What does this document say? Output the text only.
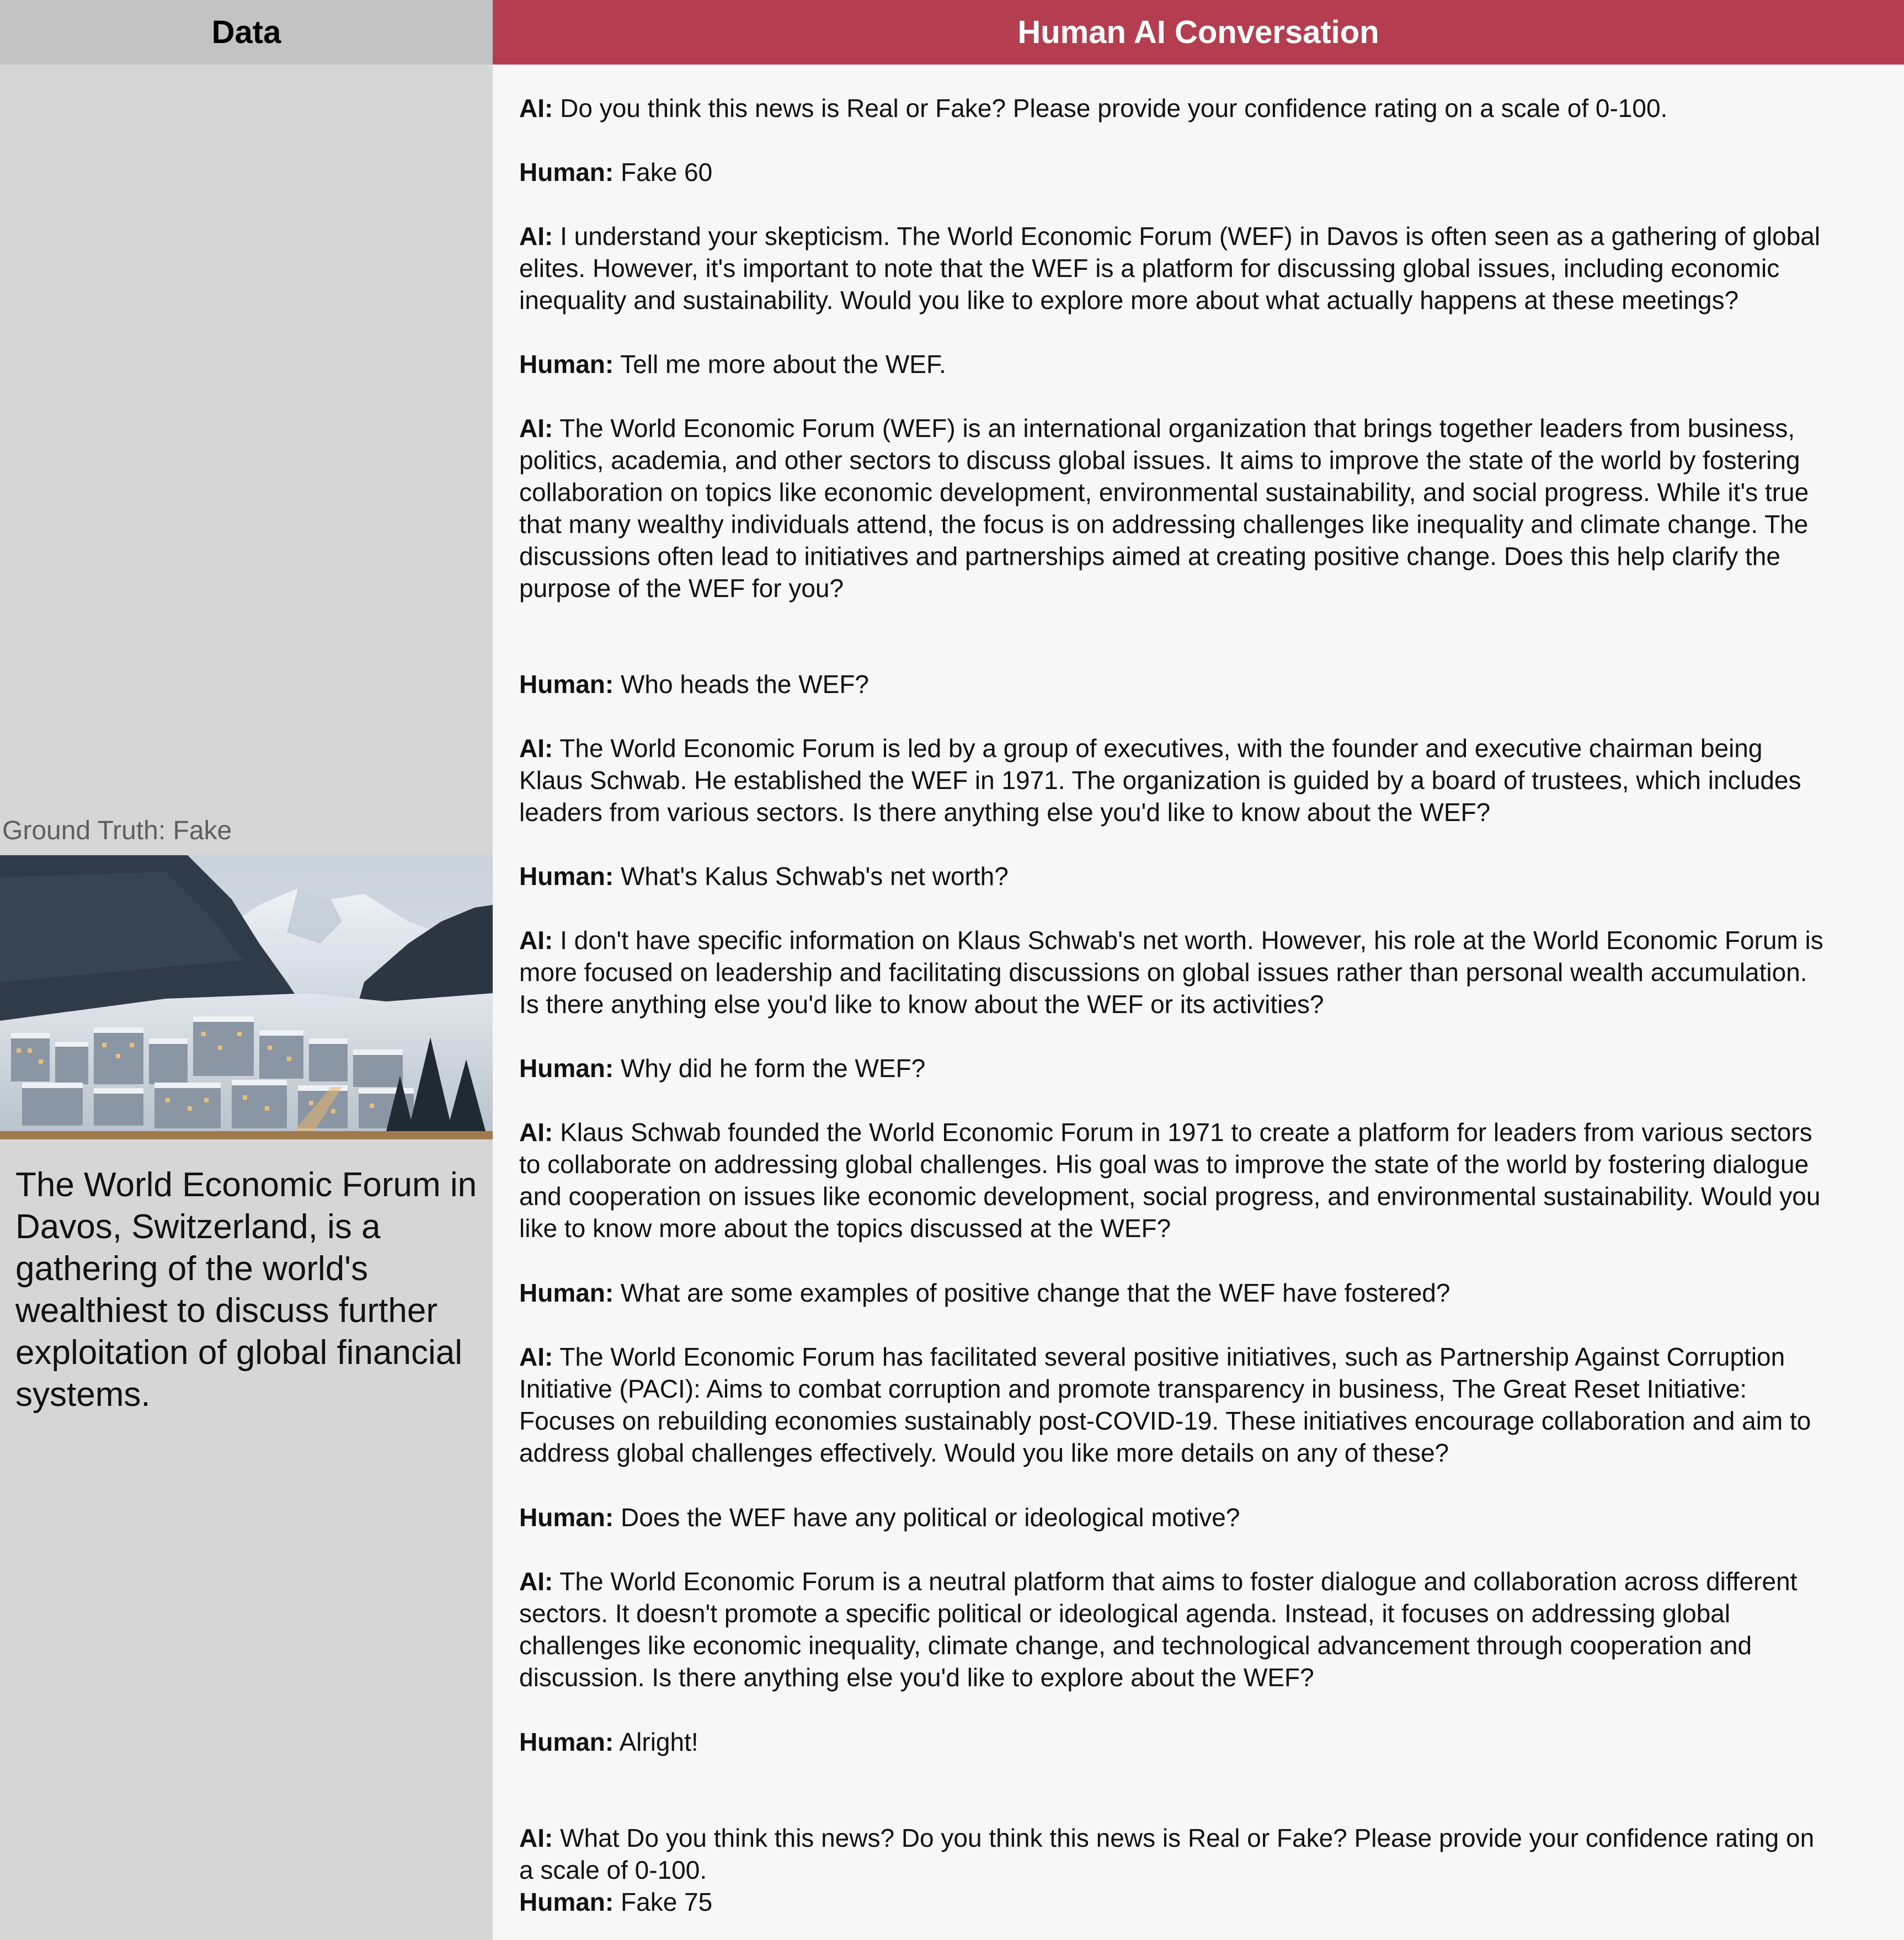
Data
Ground Truth: Fake
The World Economic Forum in Davos, Switzerland, is a gathering of the world's wealthiest to discuss further exploitation of global financial systems.
Human AI Conversation

AI: Do you think this news is Real or Fake? Please provide your confidence rating on a scale of 0-100.

Human: Fake 60

AI: I understand your skepticism. The World Economic Forum (WEF) in Davos is often seen as a gathering of global elites. However, it's important to note that the WEF is a platform for discussing global issues, including economic inequality and sustainability. Would you like to explore more about what actually happens at these meetings?

Human: Tell me more about the WEF.

AI: The World Economic Forum (WEF) is an international organization that brings together leaders from business, politics, academia, and other sectors to discuss global issues. It aims to improve the state of the world by fostering collaboration on topics like economic development, environmental sustainability, and social progress. While it's true that many wealthy individuals attend, the focus is on addressing challenges like inequality and climate change. The discussions often lead to initiatives and partnerships aimed at creating positive change. Does this help clarify the purpose of the WEF for you?

Human: Who heads the WEF?

AI: The World Economic Forum is led by a group of executives, with the founder and executive chairman being Klaus Schwab. He established the WEF in 1971. The organization is guided by a board of trustees, which includes leaders from various sectors. Is there anything else you'd like to know about the WEF?

Human: What's Kalus Schwab's net worth?

AI: I don't have specific information on Klaus Schwab's net worth. However, his role at the World Economic Forum is more focused on leadership and facilitating discussions on global issues rather than personal wealth accumulation. Is there anything else you'd like to know about the WEF or its activities?

Human: Why did he form the WEF?

AI: Klaus Schwab founded the World Economic Forum in 1971 to create a platform for leaders from various sectors to collaborate on addressing global challenges. His goal was to improve the state of the world by fostering dialogue and cooperation on issues like economic development, social progress, and environmental sustainability. Would you like to know more about the topics discussed at the WEF?

Human: What are some examples of positive change that the WEF have fostered?

AI: The World Economic Forum has facilitated several positive initiatives, such as Partnership Against Corruption Initiative (PACI): Aims to combat corruption and promote transparency in business, The Great Reset Initiative: Focuses on rebuilding economies sustainably post-COVID-19. These initiatives encourage collaboration and aim to address global challenges effectively. Would you like more details on any of these?

Human: Does the WEF have any political or ideological motive?

AI: The World Economic Forum is a neutral platform that aims to foster dialogue and collaboration across different sectors. It doesn't promote a specific political or ideological agenda. Instead, it focuses on addressing global challenges like economic inequality, climate change, and technological advancement through cooperation and discussion. Is there anything else you'd like to explore about the WEF?

Human: Alright!

AI: What Do you think this news? Do you think this news is Real or Fake? Please provide your confidence rating on a scale of 0-100.

Human: Fake 75
